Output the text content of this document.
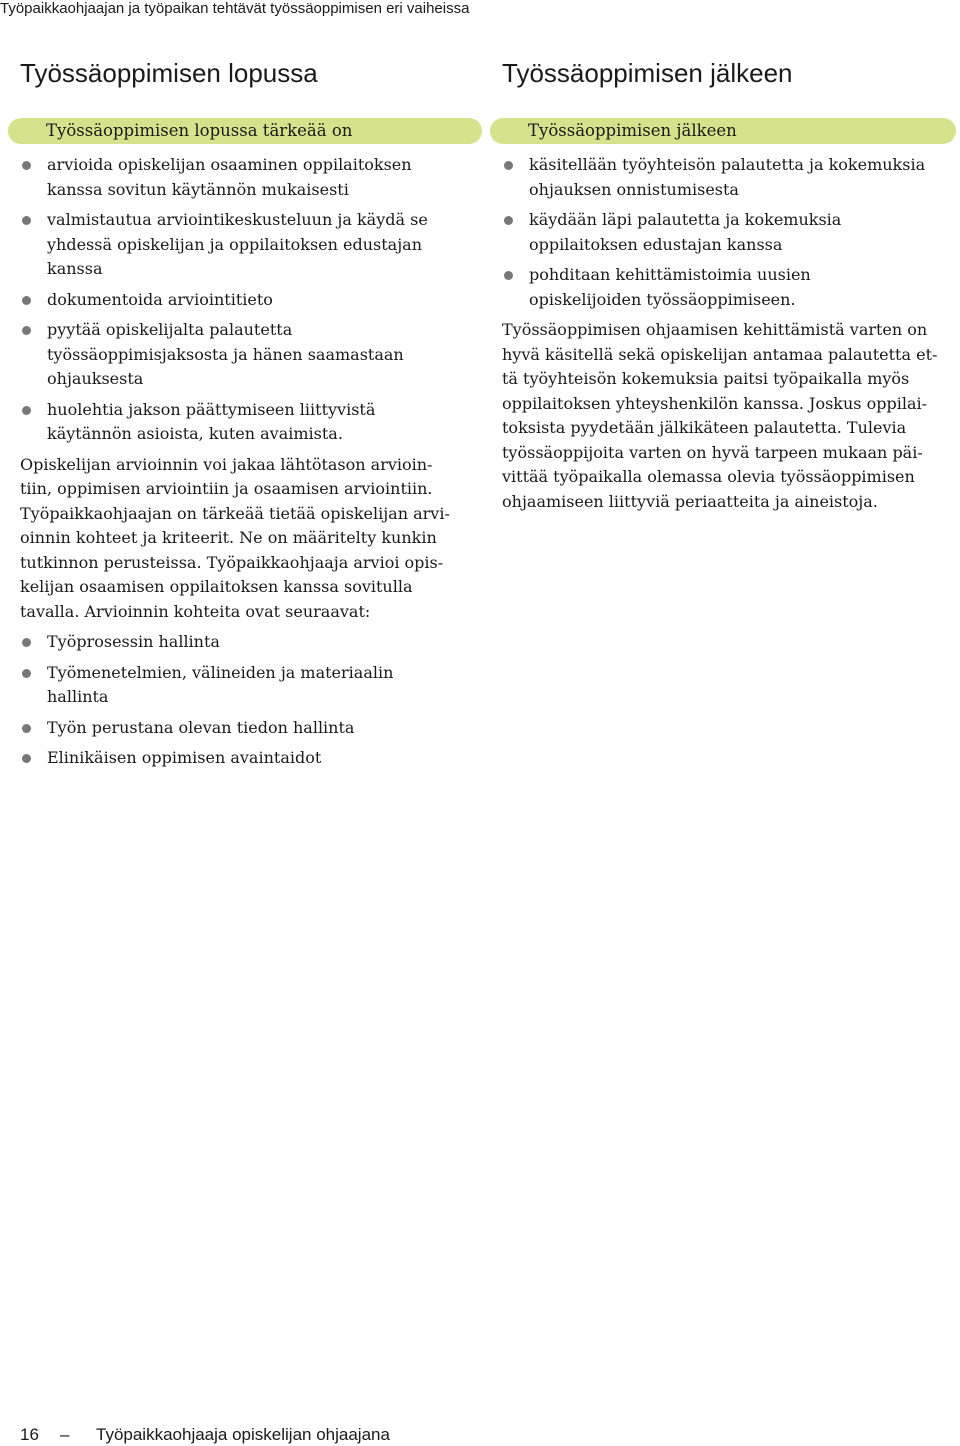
Työpaikkaohjaajan ja työpaikan tehtävät työssäoppimisen eri vaiheissa
Työssäoppimisen lopussa
Työssäoppimisen lopussa tärkeää on
arvioida opiskelijan osaaminen oppilaitoksen
kanssa sovitun käytännön mukaisesti
valmistautua arviointikeskusteluun ja käydä se
yhdessä opiskelijan ja oppilaitoksen edustajan
kanssa
dokumentoida arviointitieto
pyytää opiskelijalta palautetta
työssäoppimisjaksosta ja hänen saamastaan
ohjauksesta
huolehtia jakson päättymiseen liittyvistä
käytännön asioista, kuten avaimista.

Opiskelijan arvioinnin voi jakaa lähtötason arvioin-
tiin, oppimisen arviointiin ja osaamisen arviointiin.
Työpaikkaohjaajan on tärkeää tietää opiskelijan arvi-
oinnin kohteet ja kriteerit. Ne on määritelty kunkin
tutkinnon perusteissa. Työpaikkaohjaaja arvioi opis-
kelijan osaamisen oppilaitoksen kanssa sovitulla
tavalla. Arvioinnin kohteita ovat seuraavat:

Työprosessin hallinta
Työmenetelmien, välineiden ja materiaalin
hallinta
Työn perustana olevan tiedon hallinta
Elinikäisen oppimisen avaintaidot
Työssäoppimisen jälkeen
Työssäoppimisen jälkeen
käsitellään työyhteisön palautetta ja kokemuksia
ohjauksen onnistumisesta
käydään läpi palautetta ja kokemuksia
oppilaitoksen edustajan kanssa
pohditaan kehittämistoimia uusien
opiskelijoiden työssäoppimiseen.

Työssäoppimisen ohjaamisen kehittämistä varten on
hyvä käsitellä sekä opiskelijan antamaa palautetta et-
tä työyhteisön kokemuksia paitsi työpaikalla myös
oppilaitoksen yhteyshenkilön kanssa. Joskus oppilai-
toksista pyydetään jälkikäteen palautetta. Tulevia
työssäoppijoita varten on hyvä tarpeen mukaan päi-
vittää työpaikalla olemassa olevia työssäoppimisen
ohjaamiseen liittyviä periaatteita ja aineistoja.

16 – Työpaikkaohjaaja opiskelijan ohjaajana
